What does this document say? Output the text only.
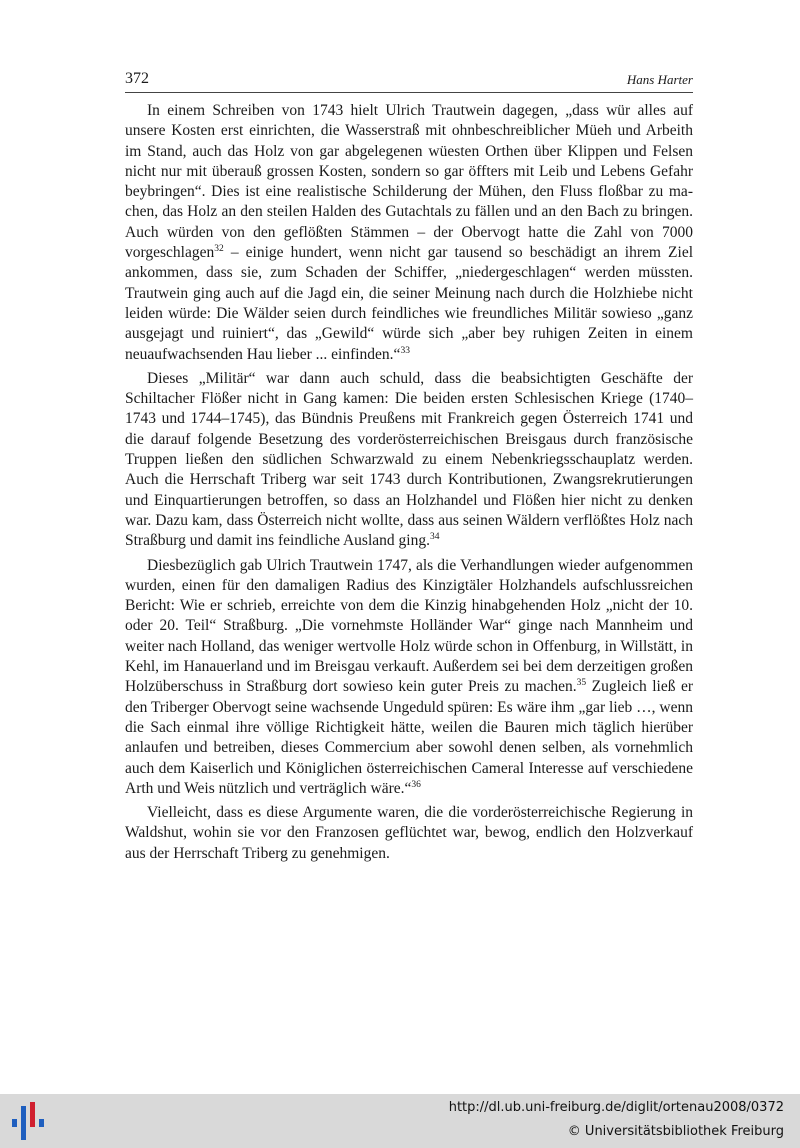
372	Hans Harter

In einem Schreiben von 1743 hielt Ulrich Trautwein dagegen, „dass wür alles auf unsere Kosten erst einrichten, die Wasserstraß mit ohnbeschreiblicher Müeh und Arbeith im Stand, auch das Holz von gar abgelegenen wüesten Orthen über Klippen und Felsen nicht nur mit überauß grossen Kosten, sondern so gar öffters mit Leib und Lebens Gefahr beybringen“. Dies ist eine realistische Schilderung der Mühen, den Fluss floßbar zu machen, das Holz an den steilen Halden des Gutachtals zu fällen und an den Bach zu bringen. Auch würden von den geflößten Stämmen – der Obervogt hatte die Zahl von 7000 vorgeschlagen$^{32}$ – einige hundert, wenn nicht gar tausend so beschädigt an ihrem Ziel ankommen, dass sie, zum Schaden der Schiffer, „niedergeschlagen“ werden müssten. Trautwein ging auch auf die Jagd ein, die seiner Meinung nach durch die Holzhiebe nicht leiden würde: Die Wälder seien durch feindliches wie freundliches Militär sowieso „ganz ausgejagt und ruiniert“, das „Gewild“ würde sich „aber bey ruhigen Zeiten in einem neuaufwachsenden Hau lieber ... einfinden.“$^{33}$

Dieses „Militär“ war dann auch schuld, dass die beabsichtigten Geschäfte der Schiltacher Flößer nicht in Gang kamen: Die beiden ersten Schlesischen Kriege (1740–1743 und 1744–1745), das Bündnis Preußens mit Frankreich gegen Österreich 1741 und die darauf folgende Besetzung des vorderösterreichischen Breisgaus durch französische Truppen ließen den südlichen Schwarzwald zu einem Nebenkriegsschauplatz werden. Auch die Herrschaft Triberg war seit 1743 durch Kontributionen, Zwangsrekrutierungen und Einquartierungen betroffen, so dass an Holzhandel und Flößen hier nicht zu denken war. Dazu kam, dass Österreich nicht wollte, dass aus seinen Wäldern verflößtes Holz nach Straßburg und damit ins feindliche Ausland ging.$^{34}$

Diesbezüglich gab Ulrich Trautwein 1747, als die Verhandlungen wieder aufgenommen wurden, einen für den damaligen Radius des Kinzigtäler Holzhandels aufschlussreichen Bericht: Wie er schrieb, erreichte von dem die Kinzig hinabgehenden Holz „nicht der 10. oder 20. Teil“ Straßburg. „Die vornehmste Holländer War“ ginge nach Mannheim und weiter nach Holland, das weniger wertvolle Holz würde schon in Offenburg, in Willstätt, in Kehl, im Hanauerland und im Breisgau verkauft. Außerdem sei bei dem derzeitigen großen Holzüberschuss in Straßburg dort sowieso kein guter Preis zu machen.$^{35}$ Zugleich ließ er den Triberger Obervogt seine wachsende Ungeduld spüren: Es wäre ihm „gar lieb …, wenn die Sach einmal ihre völlige Richtigkeit hätte, weilen die Bauren mich täglich hierüber anlaufen und betreiben, dieses Commercium aber sowohl denen selben, als vornehmlich auch dem Kaiserlich und Königlichen österreichischen Cameral Interesse auf verschiedene Arth und Weis nützlich und verträglich wäre.“$^{36}$

Vielleicht, dass es diese Argumente waren, die die vorderösterreichische Regierung in Waldshut, wohin sie vor den Franzosen geflüchtet war, bewog, endlich den Holzverkauf aus der Herrschaft Triberg zu genehmigen.

http://dl.ub.uni-freiburg.de/diglit/ortenau2008/0372
© Universitätsbibliothek Freiburg
